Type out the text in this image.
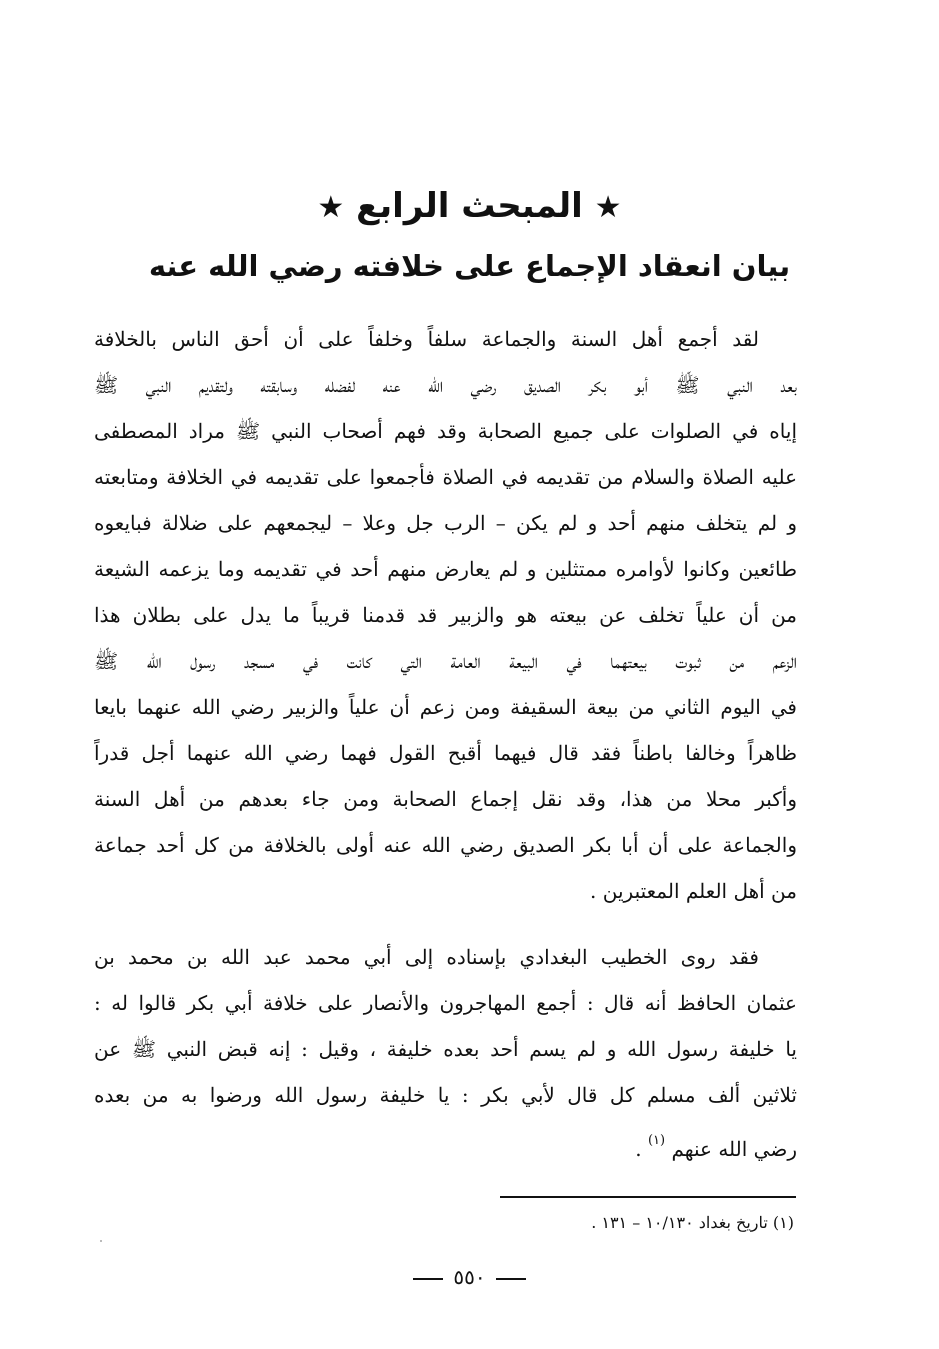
★ المبحث الرابع ★
بيان انعقاد الإجماع على خلافته رضي الله عنه
لقد أجمع أهل السنة والجماعة سلفاً وخلفاً على أن أحق الناس بالخلافة
بعد النبي ﷺ أبو بكر الصديق رضي الله عنه لفضله وسابقته ولتقديم النبي ﷺ
إياه في الصلوات على جميع الصحابة وقد فهم أصحاب النبي ﷺ مراد المصطفى
عليه الصلاة والسلام من تقديمه في الصلاة فأجمعوا على تقديمه في الخلافة ومتابعته
و لم يتخلف منهم أحد و لم يكن – الرب جل وعلا – ليجمعهم على ضلالة فبايعوه
طائعين وكانوا لأوامره ممتثلين و لم يعارض منهم أحد في تقديمه وما يزعمه الشيعة
من أن علياً تخلف عن بيعته هو والزبير قد قدمنا قريباً ما يدل على بطلان هذا
الزعم من ثبوت بيعتهما في البيعة العامة التي كانت في مسجد رسول الله ﷺ
في اليوم الثاني من بيعة السقيفة ومن زعم أن علياً والزبير رضي الله عنهما بايعا
ظاهراً وخالفا باطناً فقد قال فيهما أقبح القول فهما رضي الله عنهما أجل قدراً
وأكبر محلا من هذا، وقد نقل إجماع الصحابة ومن جاء بعدهم من أهل السنة
والجماعة على أن أبا بكر الصديق رضي الله عنه أولى بالخلافة من كل أحد جماعة
من أهل العلم المعتبرين .
فقد روى الخطيب البغدادي بإسناده إلى أبي محمد عبد الله بن محمد بن
عثمان الحافظ أنه قال : أجمع المهاجرون والأنصار على خلافة أبي بكر قالوا له :
يا خليفة رسول الله و لم يسم أحد بعده خليفة ، وقيل : إنه قبض النبي ﷺ عن
ثلاثين ألف مسلم كل قال لأبي بكر : يا خليفة رسول الله ورضوا به من بعده
رضي الله عنهم $^{(١)}$ .
(١) تاريخ بغداد ١٠/١٣٠ – ١٣١ .
٥٥٠
